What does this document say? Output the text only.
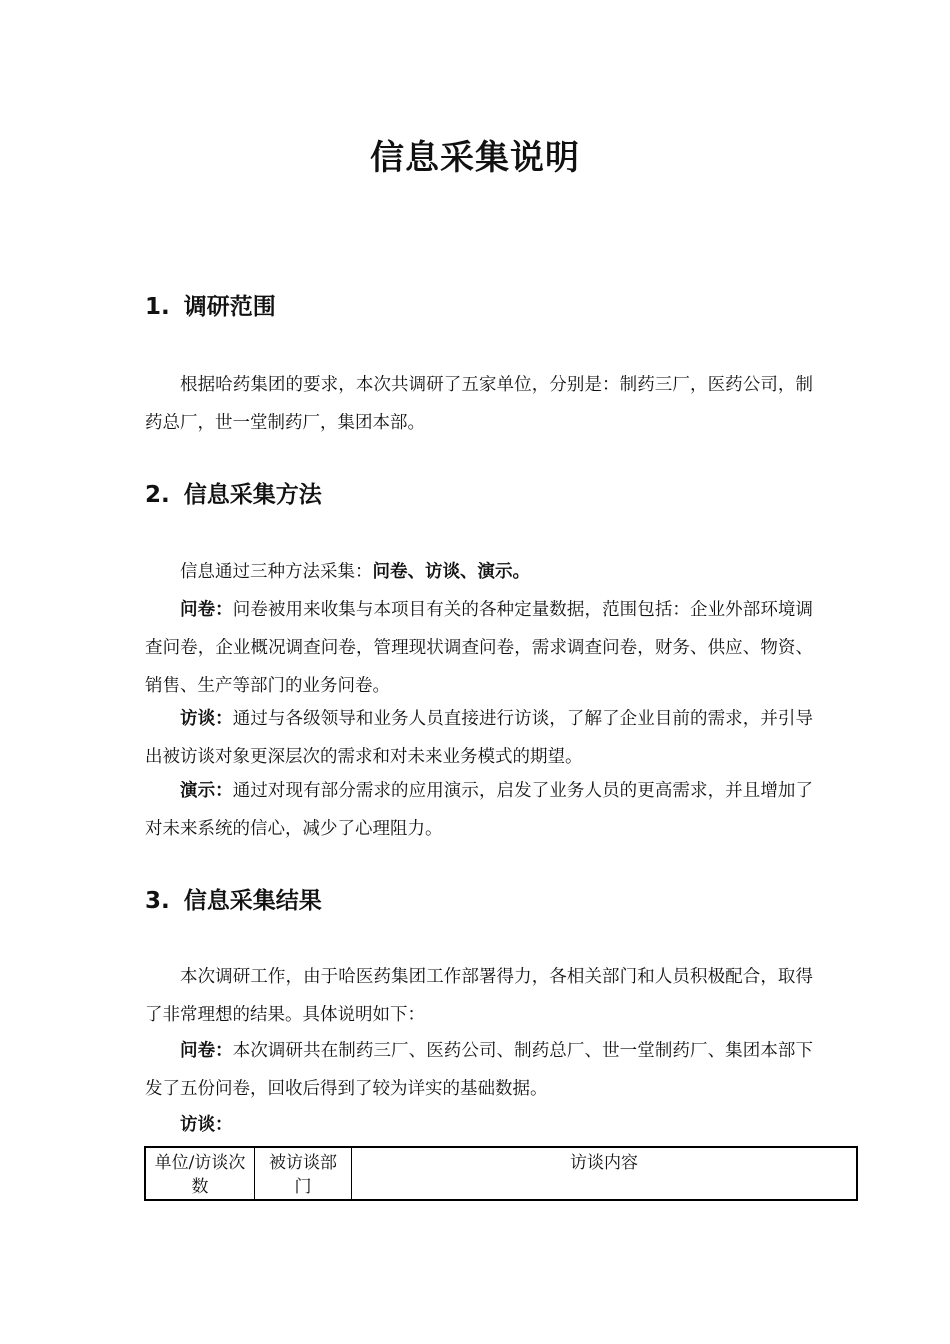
信息采集说明
1. 调研范围
根据哈药集团的要求，本次共调研了五家单位，分别是：制药三厂，医药公司，制药总厂，世一堂制药厂，集团本部。
2. 信息采集方法
信息通过三种方法采集：问卷、访谈、演示。
问卷：问卷被用来收集与本项目有关的各种定量数据，范围包括：企业外部环境调查问卷，企业概况调查问卷，管理现状调查问卷，需求调查问卷，财务、供应、物资、销售、生产等部门的业务问卷。
访谈：通过与各级领导和业务人员直接进行访谈，了解了企业目前的需求，并引导出被访谈对象更深层次的需求和对未来业务模式的期望。
演示：通过对现有部分需求的应用演示，启发了业务人员的更高需求，并且增加了对未来系统的信心，减少了心理阻力。
3. 信息采集结果
本次调研工作，由于哈医药集团工作部署得力，各相关部门和人员积极配合，取得了非常理想的结果。具体说明如下：
问卷：本次调研共在制药三厂、医药公司、制药总厂、世一堂制药厂、集团本部下发了五份问卷，回收后得到了较为详实的基础数据。
访谈：
单位/访谈次数	被访谈部门	访谈内容
